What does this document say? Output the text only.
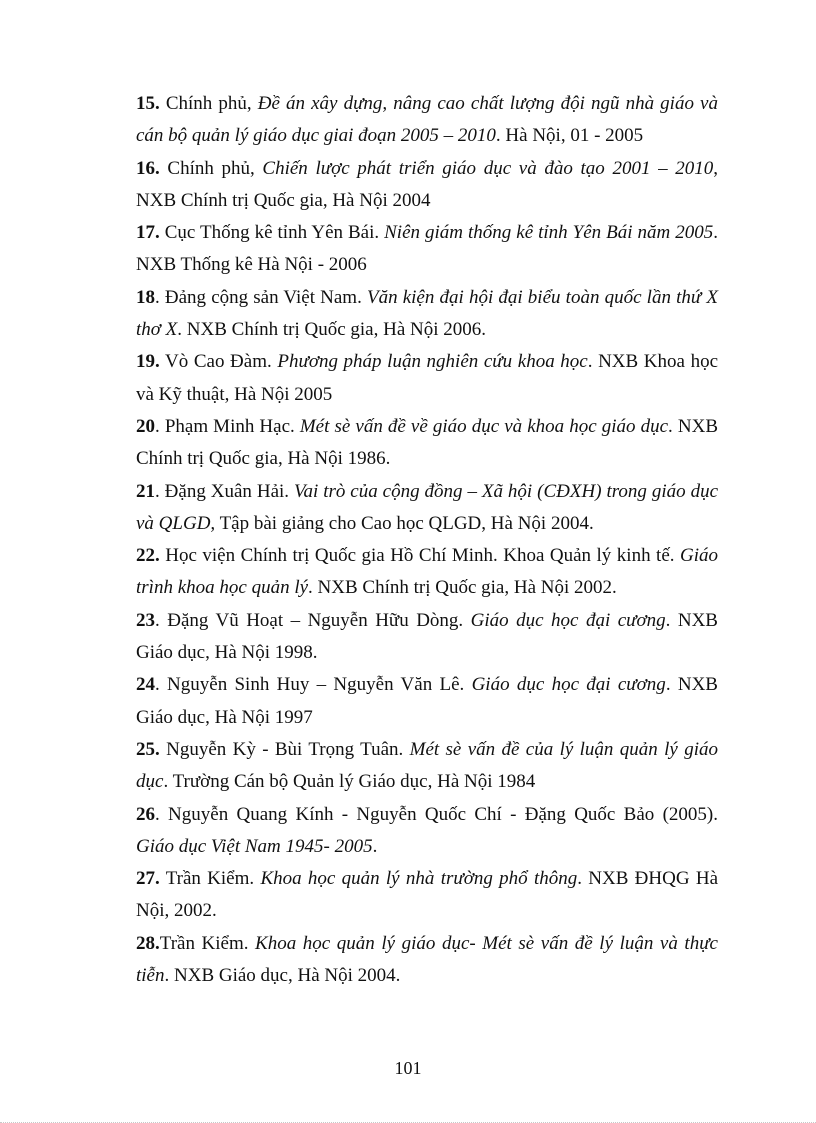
15. Chính phủ, Đề án xây dựng, nâng cao chất lượng đội ngũ nhà giáo và cán bộ quản lý giáo dục giai đoạn 2005 – 2010. Hà Nội, 01 - 2005

16. Chính phủ, Chiến lược phát triển giáo dục và đào tạo 2001 – 2010, NXB Chính trị Quốc gia, Hà Nội 2004

17. Cục Thống kê tỉnh Yên Bái. Niên giám thống kê tỉnh Yên Bái năm 2005. NXB Thống kê Hà Nội - 2006

18. Đảng cộng sản Việt Nam. Văn kiện đại hội đại biểu toàn quốc lần thứ X thơ X. NXB Chính trị Quốc gia, Hà Nội 2006.

19. Vò Cao Đàm. Phương pháp luận nghiên cứu khoa học. NXB Khoa học và Kỹ thuật, Hà Nội 2005

20. Phạm Minh Hạc. Mét sè vấn đề về giáo dục và khoa học giáo dục. NXB Chính trị Quốc gia, Hà Nội 1986.

21. Đặng Xuân Hải. Vai trò của cộng đồng – Xã hội (CĐXH) trong giáo dục và QLGD, Tập bài giảng cho Cao học QLGD, Hà Nội 2004.

22. Học viện Chính trị Quốc gia Hồ Chí Minh. Khoa Quản lý kinh tế. Giáo trình khoa học quản lý. NXB Chính trị Quốc gia, Hà Nội 2002.

23. Đặng Vũ Hoạt – Nguyễn Hữu Dòng. Giáo dục học đại cương. NXB Giáo dục, Hà Nội 1998.

24. Nguyễn Sinh Huy – Nguyễn Văn Lê. Giáo dục học đại cương. NXB Giáo dục, Hà Nội 1997

25. Nguyễn Kỳ - Bùi Trọng Tuân. Mét sè vấn đề của lý luận quản lý giáo dục. Trường Cán bộ Quản lý Giáo dục, Hà Nội 1984

26. Nguyễn Quang Kính - Nguyễn Quốc Chí - Đặng Quốc Bảo (2005). Giáo dục Việt Nam 1945- 2005.

27. Trần Kiểm. Khoa học quản lý nhà trường phổ thông. NXB ĐHQG Hà Nội, 2002.

28.Trần Kiểm. Khoa học quản lý giáo dục- Mét sè vấn đề lý luận và thực tiễn. NXB Giáo dục, Hà Nội 2004.

101
